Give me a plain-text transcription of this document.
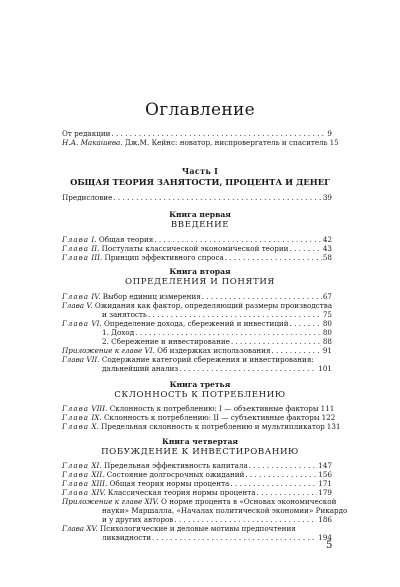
Оглавление
От редакции . . .	9
Н.А. Макашева. Дж.М. Кейнс: новатор, ниспровергатель и спаситель 15
Часть I
ОБЩАЯ ТЕОРИЯ ЗАНЯТОСТИ, ПРОЦЕНТА И ДЕНЕГ
Предисловие . . .	39
Книга первая
ВВЕДЕНИЕ
Глава I. Общая теория . . .	42
Глава II. Постулаты классической экономической теории . . .	43
Глава III. Принцип эффективного спроса . . .	58
Книга вторая
ОПРЕДЕЛЕНИЯ И ПОНЯТИЯ
Глава IV. Выбор единиц измерения . . .	67
Глава V. Ожидания как фактор, определяющий размеры производства
и занятость . . .	75
Глава VI. Определение дохода, сбережений и инвестиций . . .	80
1. Доход . . .	80
2. Сбережение и инвестирование . . .	88
Приложение к главе VI. Об издержках использования . . .	91
Глава VII. Содержание категорий сбережения и инвестирования:
дальнейший анализ . . .	101
Книга третья
СКЛОННОСТЬ К ПОТРЕБЛЕНИЮ
Глава VIII. Склонность к потреблению: I — объективные факторы 111
Глава IX. Склонность к потреблению: II — субъективные факторы 122
Глава X. Предельная склонность к потреблению и мультипликатор 131
Книга четвертая
ПОБУЖДЕНИЕ К ИНВЕСТИРОВАНИЮ
Глава XI. Предельная эффективность капитала . . .	147
Глава XII. Состояние долгосрочных ожиданий . . .	156
Глава XIII. Общая теория нормы процента . . .	171
Глава XIV. Классическая теория нормы процента . . .	179
Приложение к главе XIV. О норме процента в «Основах экономической
науки» Маршалла, «Началах политической экономии» Рикардо
и у других авторов . . .	186
Глава XV. Психологические и деловые мотивы предпочтения
ликвидности . . .	194
5
